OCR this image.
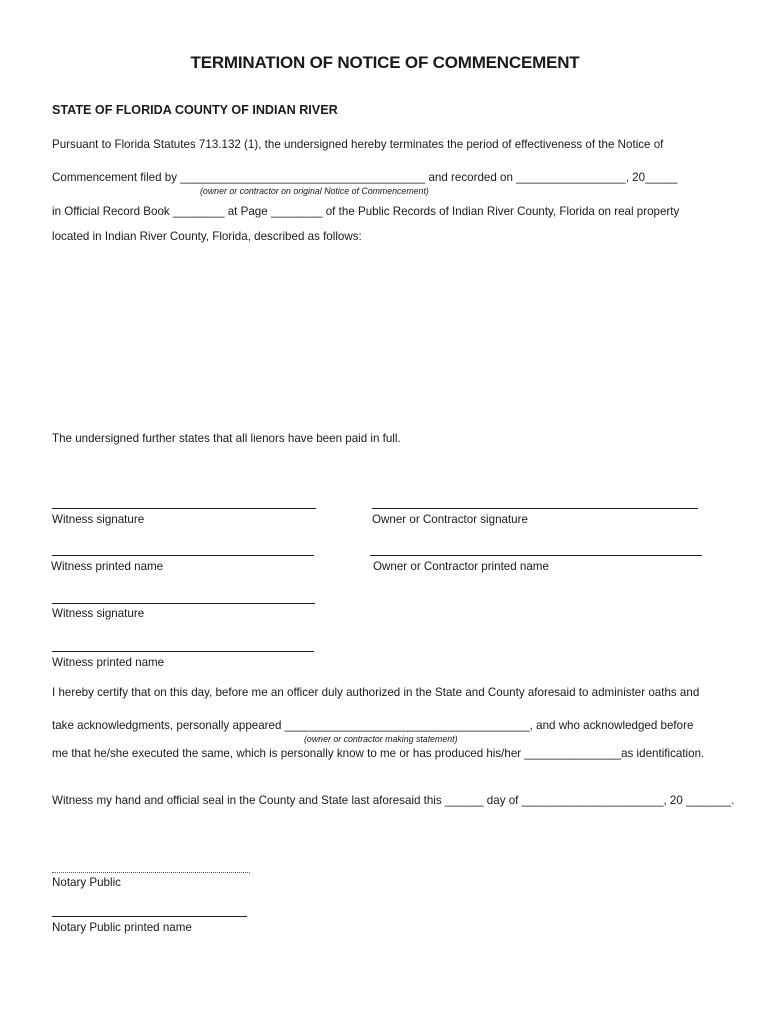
TERMINATION OF NOTICE OF COMMENCEMENT
STATE OF FLORIDA COUNTY OF INDIAN RIVER
Pursuant to Florida Statutes 713.132 (1), the undersigned hereby terminates the period of effectiveness of the Notice of
Commencement filed by ______________________________________ and recorded on _________________, 20_____
(owner or contractor on original Notice of Commencement)
in Official Record Book ________ at Page ________ of the Public Records of Indian River County, Florida on real property
located in Indian River County, Florida, described as follows:
The undersigned further states that all lienors have been paid in full.
Witness signature	Owner or Contractor signature
Witness printed name	Owner or Contractor printed name
Witness signature
Witness printed name
I hereby certify that on this day, before me an officer duly authorized in the State and County aforesaid to administer oaths and
take acknowledgments, personally appeared ______________________________________, and who acknowledged before
(owner or contractor making statement)
me that he/she executed the same, which is personally know to me or has produced his/her _______________as identification.
Witness my hand and official seal in the County and State last aforesaid this ______ day of ______________________, 20 _______.
Notary Public
Notary Public printed name
